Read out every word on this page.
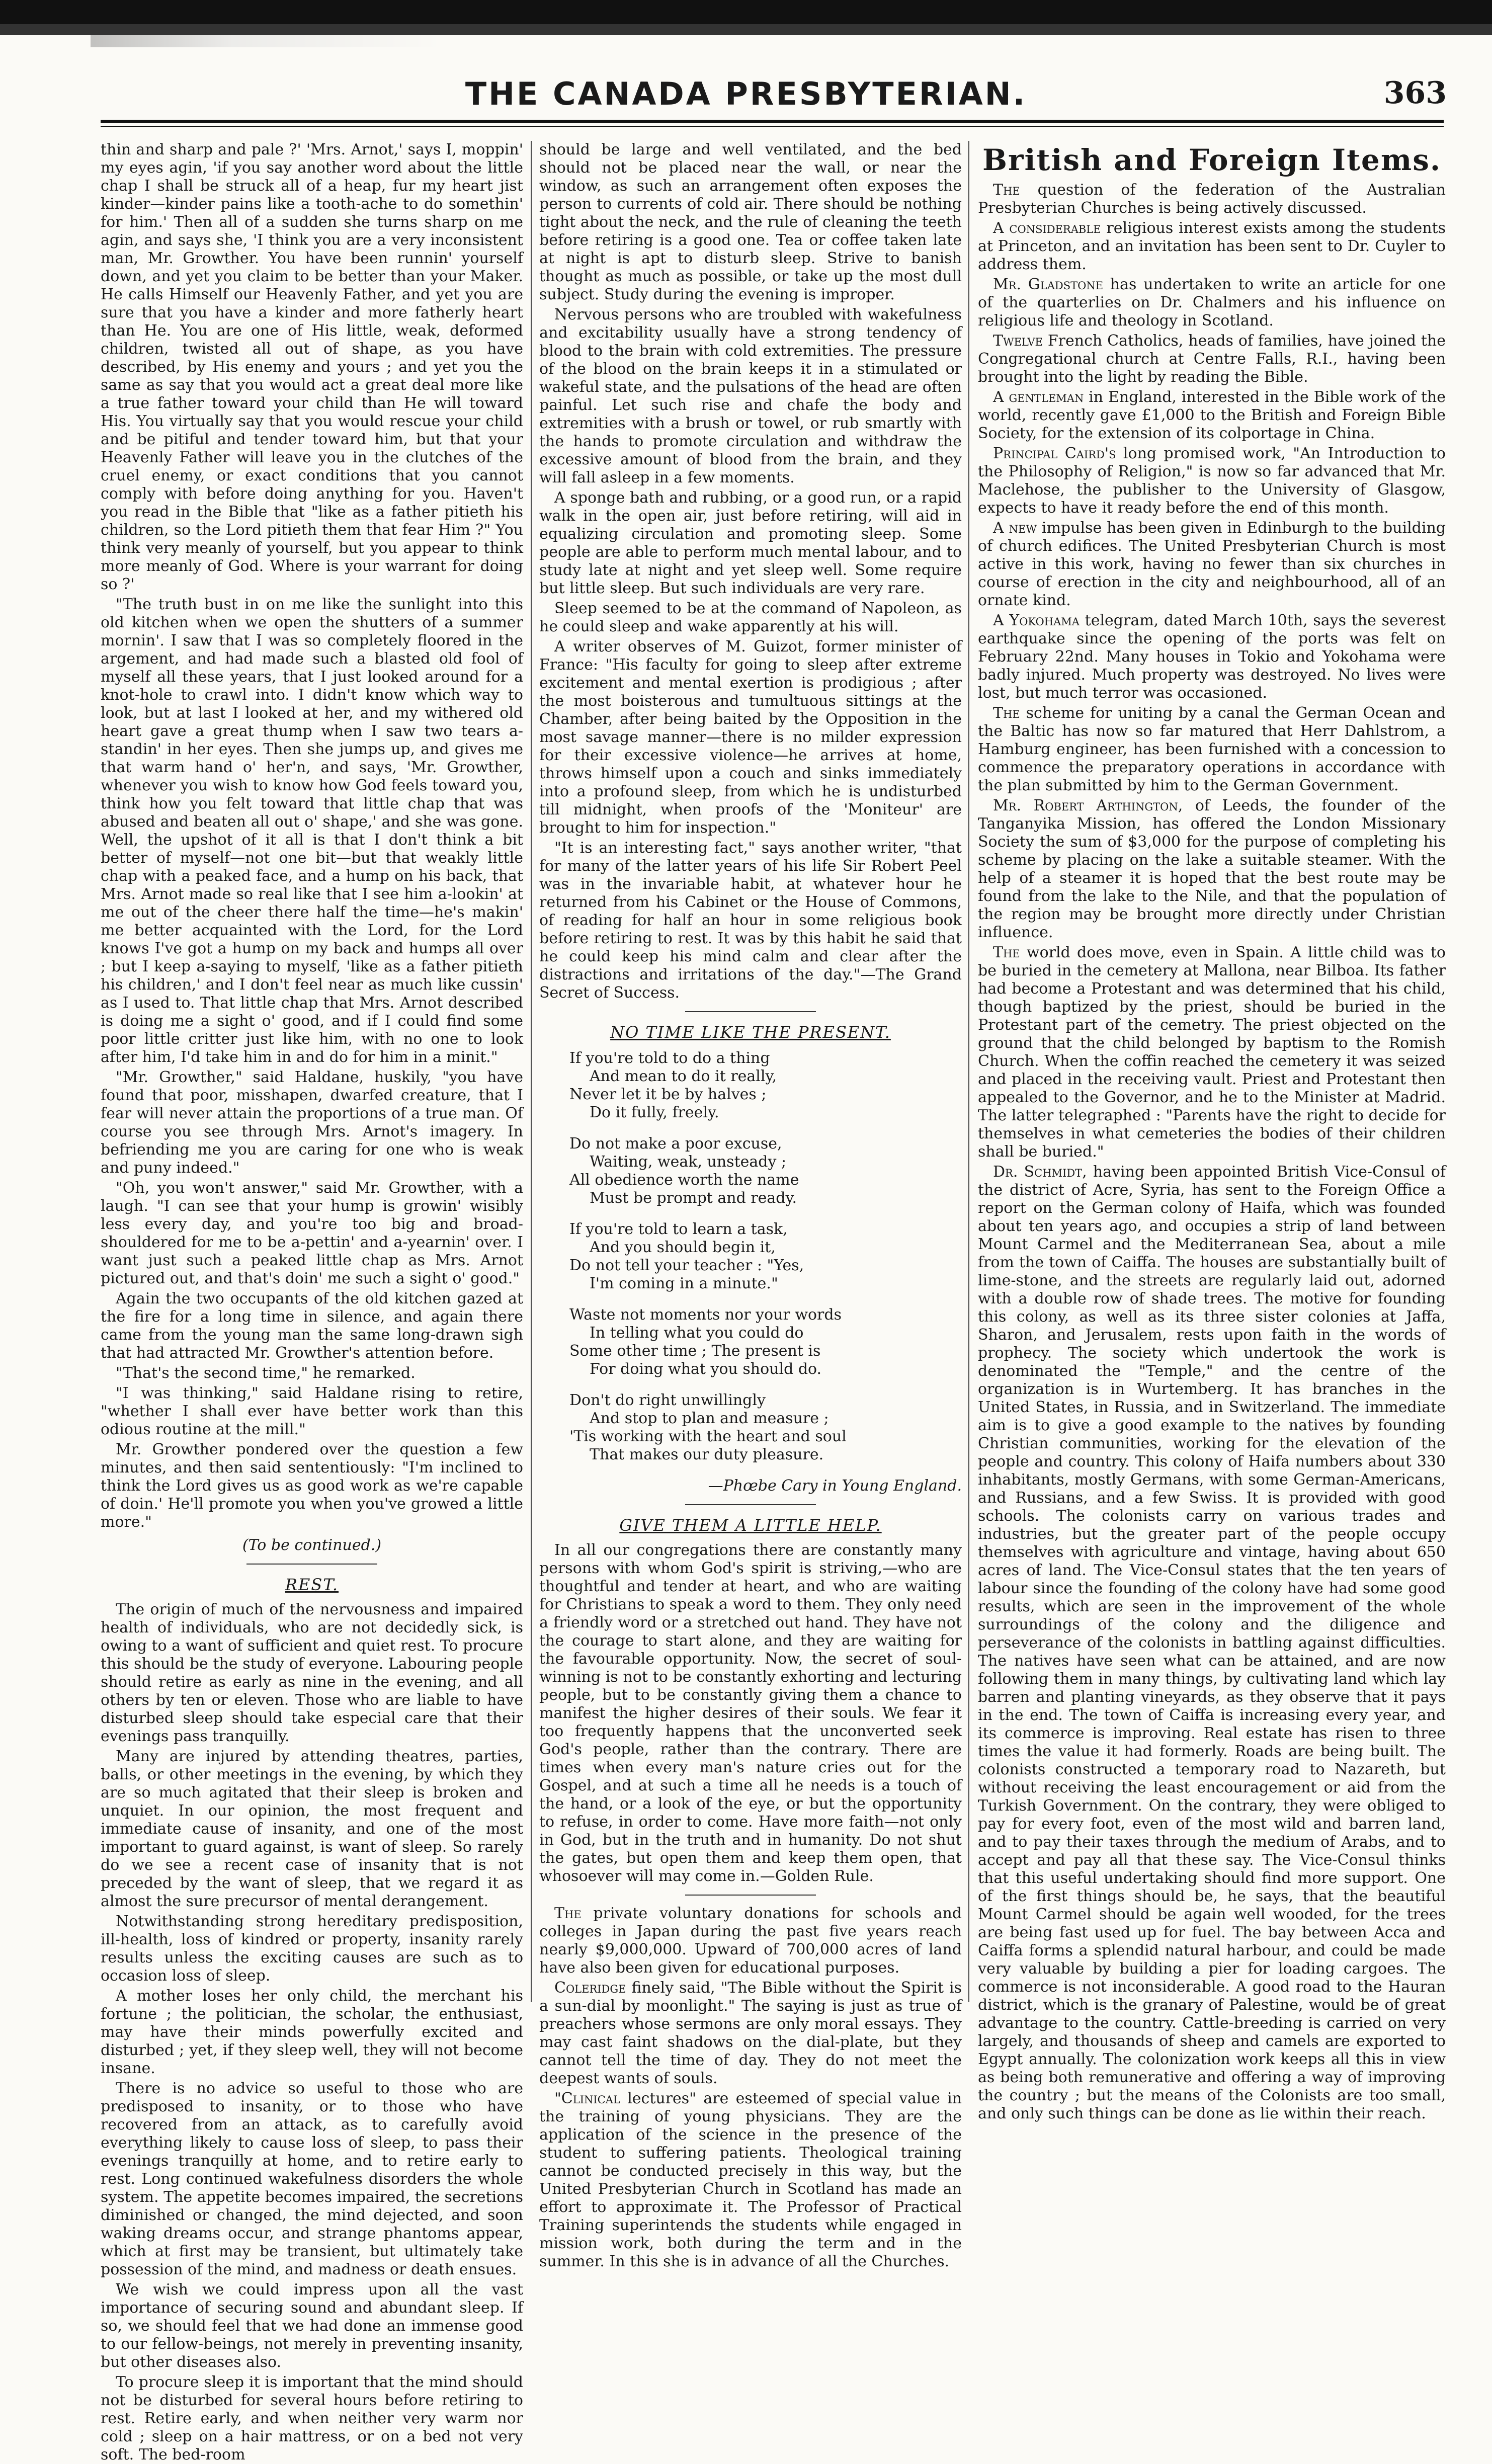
THE CANADA PRESBYTERIAN.	363

thin and sharp and pale ?' 'Mrs. Arnot,' says I, moppin' my eyes agin, 'if you say another word about the little chap I shall be struck all of a heap, fur my heart jist kinder—kinder pains like a tooth-ache to do somethin' for him.' Then all of a sudden she turns sharp on me agin, and says she, 'I think you are a very inconsistent man, Mr. Growther. You have been runnin' yourself down, and yet you claim to be better than your Maker. He calls Himself our Heavenly Father, and yet you are sure that you have a kinder and more fatherly heart than He. You are one of His little, weak, deformed children, twisted all out of shape, as you have described, by His enemy and yours ; and yet you the same as say that you would act a great deal more like a true father toward your child than He will toward His. You virtually say that you would rescue your child and be pitiful and tender toward him, but that your Heavenly Father will leave you in the clutches of the cruel enemy, or exact conditions that you cannot comply with before doing anything for you. Haven't you read in the Bible that "like as a father pitieth his children, so the Lord pitieth them that fear Him ?" You think very meanly of yourself, but you appear to think more meanly of God. Where is your warrant for doing so ?'

"The truth bust in on me like the sunlight into this old kitchen when we open the shutters of a summer mornin'. I saw that I was so completely floored in the argement, and had made such a blasted old fool of myself all these years, that I just looked around for a knot-hole to crawl into. I didn't know which way to look, but at last I looked at her, and my withered old heart gave a great thump when I saw two tears a-standin' in her eyes. Then she jumps up, and gives me that warm hand o' her'n, and says, 'Mr. Growther, whenever you wish to know how God feels toward you, think how you felt toward that little chap that was abused and beaten all out o' shape,' and she was gone. Well, the upshot of it all is that I don't think a bit better of myself—not one bit—but that weakly little chap with a peaked face, and a hump on his back, that Mrs. Arnot made so real like that I see him a-lookin' at me out of the cheer there half the time—he's makin' me better acquainted with the Lord, for the Lord knows I've got a hump on my back and humps all over ; but I keep a-saying to myself, 'like as a father pitieth his children,' and I don't feel near as much like cussin' as I used to. That little chap that Mrs. Arnot described is doing me a sight o' good, and if I could find some poor little critter just like him, with no one to look after him, I'd take him in and do for him in a minit."

"Mr. Growther," said Haldane, huskily, "you have found that poor, misshapen, dwarfed creature, that I fear will never attain the proportions of a true man. Of course you see through Mrs. Arnot's imagery. In befriending me you are caring for one who is weak and puny indeed."

"Oh, you won't answer," said Mr. Growther, with a laugh. "I can see that your hump is growin' wisibly less every day, and you're too big and broad-shouldered for me to be a-pettin' and a-yearnin' over. I want just such a peaked little chap as Mrs. Arnot pictured out, and that's doin' me such a sight o' good."

Again the two occupants of the old kitchen gazed at the fire for a long time in silence, and again there came from the young man the same long-drawn sigh that had attracted Mr. Growther's attention before.

"That's the second time," he remarked.

"I was thinking," said Haldane rising to retire, "whether I shall ever have better work than this odious routine at the mill."

Mr. Growther pondered over the question a few minutes, and then said sententiously: "I'm inclined to think the Lord gives us as good work as we're capable of doin.' He'll promote you when you've growed a little more."

(To be continued.)

REST.

The origin of much of the nervousness and impaired health of individuals, who are not decidedly sick, is owing to a want of sufficient and quiet rest. To procure this should be the study of everyone. Labouring people should retire as early as nine in the evening, and all others by ten or eleven. Those who are liable to have disturbed sleep should take especial care that their evenings pass tranquilly.

Many are injured by attending theatres, parties, balls, or other meetings in the evening, by which they are so much agitated that their sleep is broken and unquiet. In our opinion, the most frequent and immediate cause of insanity, and one of the most important to guard against, is want of sleep. So rarely do we see a recent case of insanity that is not preceded by the want of sleep, that we regard it as almost the sure precursor of mental derangement.

Notwithstanding strong hereditary predisposition, ill-health, loss of kindred or property, insanity rarely results unless the exciting causes are such as to occasion loss of sleep.

A mother loses her only child, the merchant his fortune ; the politician, the scholar, the enthusiast, may have their minds powerfully excited and disturbed ; yet, if they sleep well, they will not become insane.

There is no advice so useful to those who are predisposed to insanity, or to those who have recovered from an attack, as to carefully avoid everything likely to cause loss of sleep, to pass their evenings tranquilly at home, and to retire early to rest. Long continued wakefulness disorders the whole system. The appetite becomes impaired, the secretions diminished or changed, the mind dejected, and soon waking dreams occur, and strange phantoms appear, which at first may be transient, but ultimately take possession of the mind, and madness or death ensues.

We wish we could impress upon all the vast importance of securing sound and abundant sleep. If so, we should feel that we had done an immense good to our fellow-beings, not merely in preventing insanity, but other diseases also.

To procure sleep it is important that the mind should not be disturbed for several hours before retiring to rest. Retire early, and when neither very warm nor cold ; sleep on a hair mattress, or on a bed not very soft. The bed-room

should be large and well ventilated, and the bed should not be placed near the wall, or near the window, as such an arrangement often exposes the person to currents of cold air. There should be nothing tight about the neck, and the rule of cleaning the teeth before retiring is a good one. Tea or coffee taken late at night is apt to disturb sleep. Strive to banish thought as much as possible, or take up the most dull subject. Study during the evening is improper.

Nervous persons who are troubled with wakefulness and excitability usually have a strong tendency of blood to the brain with cold extremities. The pressure of the blood on the brain keeps it in a stimulated or wakeful state, and the pulsations of the head are often painful. Let such rise and chafe the body and extremities with a brush or towel, or rub smartly with the hands to promote circulation and withdraw the excessive amount of blood from the brain, and they will fall asleep in a few moments.

A sponge bath and rubbing, or a good run, or a rapid walk in the open air, just before retiring, will aid in equalizing circulation and promoting sleep. Some people are able to perform much mental labour, and to study late at night and yet sleep well. Some require but little sleep. But such individuals are very rare.

Sleep seemed to be at the command of Napoleon, as he could sleep and wake apparently at his will.

A writer observes of M. Guizot, former minister of France: "His faculty for going to sleep after extreme excitement and mental exertion is prodigious ; after the most boisterous and tumultuous sittings at the Chamber, after being baited by the Opposition in the most savage manner—there is no milder expression for their excessive violence—he arrives at home, throws himself upon a couch and sinks immediately into a profound sleep, from which he is undisturbed till midnight, when proofs of the 'Moniteur' are brought to him for inspection."

"It is an interesting fact," says another writer, "that for many of the latter years of his life Sir Robert Peel was in the invariable habit, at whatever hour he returned from his Cabinet or the House of Commons, of reading for half an hour in some religious book before retiring to rest. It was by this habit he said that he could keep his mind calm and clear after the distractions and irritations of the day."—The Grand Secret of Success.

NO TIME LIKE THE PRESENT.

If you're told to do a thing

And mean to do it really,

Never let it be by halves ;

Do it fully, freely.

Do not make a poor excuse,

Waiting, weak, unsteady ;

All obedience worth the name

Must be prompt and ready.

If you're told to learn a task,

And you should begin it,

Do not tell your teacher : "Yes,

I'm coming in a minute."

Waste not moments nor your words

In telling what you could do

Some other time ; The present is

For doing what you should do.

Don't do right unwillingly

And stop to plan and measure ;

'Tis working with the heart and soul

That makes our duty pleasure.

—Phœbe Cary in Young England.

GIVE THEM A LITTLE HELP.

In all our congregations there are constantly many persons with whom God's spirit is striving,—who are thoughtful and tender at heart, and who are waiting for Christians to speak a word to them. They only need a friendly word or a stretched out hand. They have not the courage to start alone, and they are waiting for the favourable opportunity. Now, the secret of soul-winning is not to be constantly exhorting and lecturing people, but to be constantly giving them a chance to manifest the higher desires of their souls. We fear it too frequently happens that the unconverted seek God's people, rather than the contrary. There are times when every man's nature cries out for the Gospel, and at such a time all he needs is a touch of the hand, or a look of the eye, or but the opportunity to refuse, in order to come. Have more faith—not only in God, but in the truth and in humanity. Do not shut the gates, but open them and keep them open, that whosoever will may come in.—Golden Rule.

The private voluntary donations for schools and colleges in Japan during the past five years reach nearly $9,000,000. Upward of 700,000 acres of land have also been given for educational purposes.

Coleridge finely said, "The Bible without the Spirit is a sun-dial by moonlight." The saying is just as true of preachers whose sermons are only moral essays. They may cast faint shadows on the dial-plate, but they cannot tell the time of day. They do not meet the deepest wants of souls.

"Clinical lectures" are esteemed of special value in the training of young physicians. They are the application of the science in the presence of the student to suffering patients. Theological training cannot be conducted precisely in this way, but the United Presbyterian Church in Scotland has made an effort to approximate it. The Professor of Practical Training superintends the students while engaged in mission work, both during the term and in the summer. In this she is in advance of all the Churches.

British and Foreign Items.

The question of the federation of the Australian Presbyterian Churches is being actively discussed.

A considerable religious interest exists among the students at Princeton, and an invitation has been sent to Dr. Cuyler to address them.

Mr. Gladstone has undertaken to write an article for one of the quarterlies on Dr. Chalmers and his influence on religious life and theology in Scotland.

Twelve French Catholics, heads of families, have joined the Congregational church at Centre Falls, R.I., having been brought into the light by reading the Bible.

A gentleman in England, interested in the Bible work of the world, recently gave £1,000 to the British and Foreign Bible Society, for the extension of its colportage in China.

Principal Caird's long promised work, "An Introduction to the Philosophy of Religion," is now so far advanced that Mr. Maclehose, the publisher to the University of Glasgow, expects to have it ready before the end of this month.

A new impulse has been given in Edinburgh to the building of church edifices. The United Presbyterian Church is most active in this work, having no fewer than six churches in course of erection in the city and neighbourhood, all of an ornate kind.

A Yokohama telegram, dated March 10th, says the severest earthquake since the opening of the ports was felt on February 22nd. Many houses in Tokio and Yokohama were badly injured. Much property was destroyed. No lives were lost, but much terror was occasioned.

The scheme for uniting by a canal the German Ocean and the Baltic has now so far matured that Herr Dahlstrom, a Hamburg engineer, has been furnished with a concession to commence the preparatory operations in accordance with the plan submitted by him to the German Government.

Mr. Robert Arthington, of Leeds, the founder of the Tanganyika Mission, has offered the London Missionary Society the sum of $3,000 for the purpose of completing his scheme by placing on the lake a suitable steamer. With the help of a steamer it is hoped that the best route may be found from the lake to the Nile, and that the population of the region may be brought more directly under Christian influence.

The world does move, even in Spain. A little child was to be buried in the cemetery at Mallona, near Bilboa. Its father had become a Protestant and was determined that his child, though baptized by the priest, should be buried in the Protestant part of the cemetry. The priest objected on the ground that the child belonged by baptism to the Romish Church. When the coffin reached the cemetery it was seized and placed in the receiving vault. Priest and Protestant then appealed to the Governor, and he to the Minister at Madrid. The latter telegraphed : "Parents have the right to decide for themselves in what cemeteries the bodies of their children shall be buried."

Dr. Schmidt, having been appointed British Vice-Consul of the district of Acre, Syria, has sent to the Foreign Office a report on the German colony of Haifa, which was founded about ten years ago, and occupies a strip of land between Mount Carmel and the Mediterranean Sea, about a mile from the town of Caiffa. The houses are substantially built of lime-stone, and the streets are regularly laid out, adorned with a double row of shade trees. The motive for founding this colony, as well as its three sister colonies at Jaffa, Sharon, and Jerusalem, rests upon faith in the words of prophecy. The society which undertook the work is denominated the "Temple," and the centre of the organization is in Wurtemberg. It has branches in the United States, in Russia, and in Switzerland. The immediate aim is to give a good example to the natives by founding Christian communities, working for the elevation of the people and country. This colony of Haifa numbers about 330 inhabitants, mostly Germans, with some German-Americans, and Russians, and a few Swiss. It is provided with good schools. The colonists carry on various trades and industries, but the greater part of the people occupy themselves with agriculture and vintage, having about 650 acres of land. The Vice-Consul states that the ten years of labour since the founding of the colony have had some good results, which are seen in the improvement of the whole surroundings of the colony and the diligence and perseverance of the colonists in battling against difficulties. The natives have seen what can be attained, and are now following them in many things, by cultivating land which lay barren and planting vineyards, as they observe that it pays in the end. The town of Caiffa is increasing every year, and its commerce is improving. Real estate has risen to three times the value it had formerly. Roads are being built. The colonists constructed a temporary road to Nazareth, but without receiving the least encouragement or aid from the Turkish Government. On the contrary, they were obliged to pay for every foot, even of the most wild and barren land, and to pay their taxes through the medium of Arabs, and to accept and pay all that these say. The Vice-Consul thinks that this useful undertaking should find more support. One of the first things should be, he says, that the beautiful Mount Carmel should be again well wooded, for the trees are being fast used up for fuel. The bay between Acca and Caiffa forms a splendid natural harbour, and could be made very valuable by building a pier for loading cargoes. The commerce is not inconsiderable. A good road to the Hauran district, which is the granary of Palestine, would be of great advantage to the country. Cattle-breeding is carried on very largely, and thousands of sheep and camels are exported to Egypt annually. The colonization work keeps all this in view as being both remunerative and offering a way of improving the country ; but the means of the Colonists are too small, and only such things can be done as lie within their reach.
